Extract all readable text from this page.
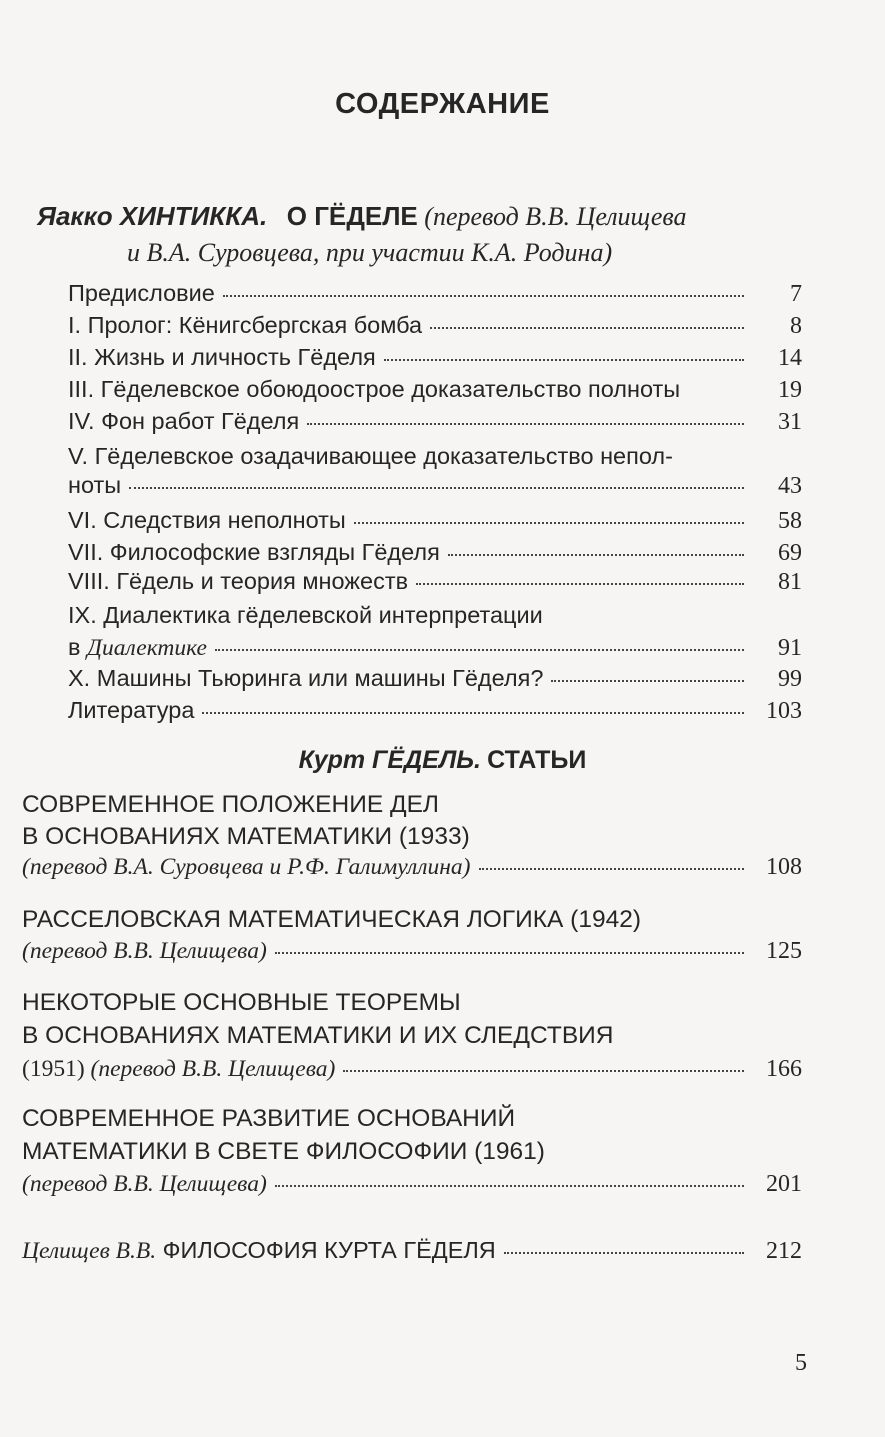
СОДЕРЖАНИЕ
Яакко ХИНТИККА. О ГЁДЕЛЕ (перевод В.В. Целищева
и В.А. Суровцева, при участии К.А. Родина)
Предисловие	7
I. Пролог: Кёнигсбергская бомба	8
II. Жизнь и личность Гёделя	14
III. Гёделевское обоюдоострое доказательство полноты	19
IV. Фон работ Гёделя	31
V. Гёделевское озадачивающее доказательство непол-
ноты	43
VI. Следствия неполноты	58
VII. Философские взгляды Гёделя	69
VIII. Гёдель и теория множеств	81
IX. Диалектика гёделевской интерпретации
в Диалектике	91
X. Машины Тьюринга или машины Гёделя?	99
Литература	103
Курт ГЁДЕЛЬ. СТАТЬИ
СОВРЕМЕННОЕ ПОЛОЖЕНИЕ ДЕЛ
В ОСНОВАНИЯХ МАТЕМАТИКИ (1933)
(перевод В.А. Суровцева и Р.Ф. Галимуллина)	108
РАССЕЛОВСКАЯ МАТЕМАТИЧЕСКАЯ ЛОГИКА (1942)
(перевод В.В. Целищева)	125
НЕКОТОРЫЕ ОСНОВНЫЕ ТЕОРЕМЫ
В ОСНОВАНИЯХ МАТЕМАТИКИ И ИХ СЛЕДСТВИЯ
(1951) (перевод В.В. Целищева)	166
СОВРЕМЕННОЕ РАЗВИТИЕ ОСНОВАНИЙ
МАТЕМАТИКИ В СВЕТЕ ФИЛОСОФИИ (1961)
(перевод В.В. Целищева)	201
Целищев В.В. ФИЛОСОФИЯ КУРТА ГЁДЕЛЯ	212
5
